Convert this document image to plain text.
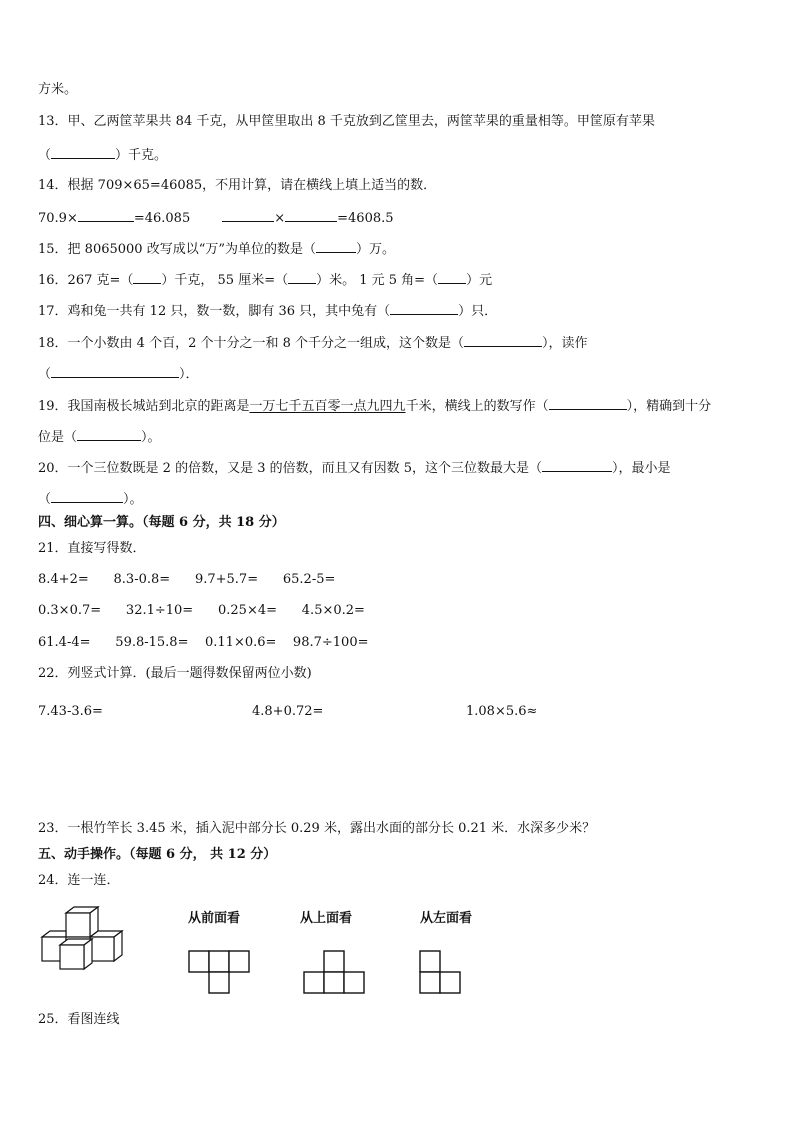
方米。
13．甲、乙两筐苹果共 84 千克，从甲筐里取出 8 千克放到乙筐里去，两筐苹果的重量相等。甲筐原有苹果
（	）千克。
14．根据 709×65=46085，不用计算，请在横线上填上适当的数．
70.9×	=46.085	×	=4608.5
15．把 8065000 改写成以“万”为单位的数是（	）万。
16．267 克=（ ）千克， 55 厘米=（ ）米。 1 元 5 角=（ ）元
17．鸡和兔一共有 12 只，数一数，脚有 36 只，其中兔有（	）只．
18．一个小数由 4 个百，2 个十分之一和 8 个千分之一组成，这个数是（	），读作
（	）．
19．我国南极长城站到北京的距离是一万七千五百零一点九四九千米，横线上的数写作（	），精确到十分
位是（	）。
20．一个三位数既是 2 的倍数，又是 3 的倍数，而且又有因数 5，这个三位数最大是（	），最小是
（	）。
四、细心算一算。（每题 6 分，共 18 分）
21．直接写得数．
8.4+2=      8.3-0.8=      9.7+5.7=      65.2-5=
0.3×0.7=      32.1÷10=      0.25×4=      4.5×0.2=
61.4-4=      59.8-15.8=    0.11×0.6=    98.7÷100=
22．列竖式计算．(最后一题得数保留两位小数)
7.43-3.6=	4.8+0.72=	1.08×5.6≈
23．一根竹竿长 3.45 米，插入泥中部分长 0.29 米，露出水面的部分长 0.21 米．水深多少米？
五、动手操作。（每题 6 分， 共 12 分）
24．连一连．
从前面看	从上面看	从左面看
25．看图连线
